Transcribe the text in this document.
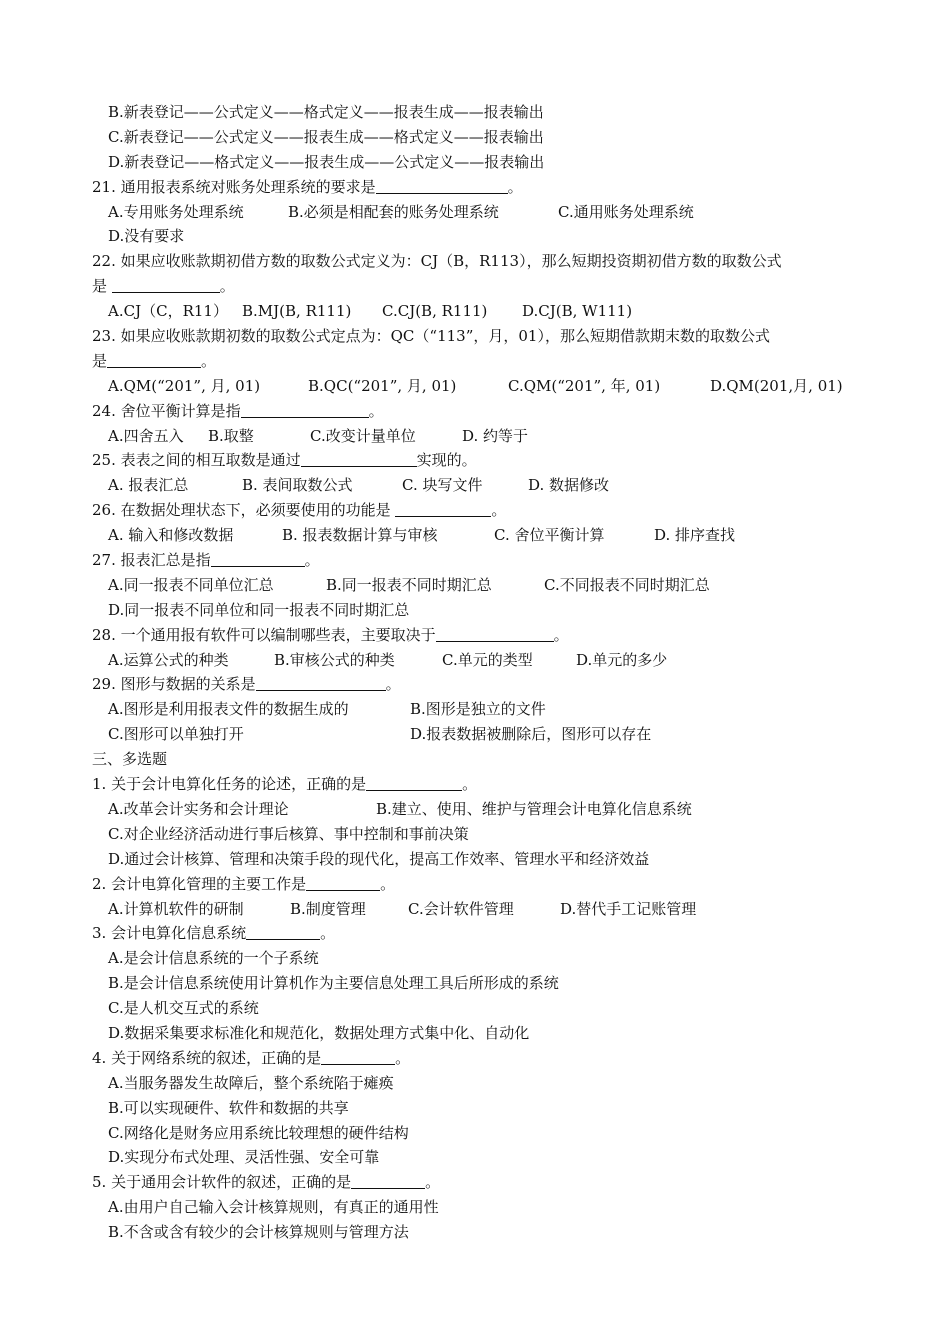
B.新表登记——公式定义——格式定义——报表生成——报表输出
C.新表登记——公式定义——报表生成——格式定义——报表输出
D.新表登记——格式定义——报表生成——公式定义——报表输出
21. 通用报表系统对账务处理系统的要求是	。
A.专用账务处理系统	B.必须是相配套的账务处理系统	C.通用账务处理系统
D.没有要求
22. 如果应收账款期初借方数的取数公式定义为：CJ（B，R113），那么短期投资期初借方数的取数公式
是	。
A.CJ（C，R11） B.MJ(B, R111) C.CJ(B, R111) D.CJ(B, W111)
23. 如果应收账款期初数的取数公式定点为：QC（“113”，月，01），那么短期借款期末数的取数公式
是	。
A.QM(“201”, 月, 01)	B.QC(“201”, 月, 01)	C.QM(“201”, 年, 01)	D.QM(201,月, 01)
24. 舍位平衡计算是指	。
A.四舍五入 B.取整	C.改变计量单位	D. 约等于
25. 表表之间的相互取数是通过	实现的。
A. 报表汇总	B. 表间取数公式	C. 块写文件	D. 数据修改
26. 在数据处理状态下，必须要使用的功能是	。
A. 输入和修改数据	B. 报表数据计算与审核	C. 舍位平衡计算	D. 排序查找
27. 报表汇总是指	。
A.同一报表不同单位汇总	B.同一报表不同时期汇总	C.不同报表不同时期汇总
D.同一报表不同单位和同一报表不同时期汇总
28. 一个通用报有软件可以编制哪些表，主要取决于	。
A.运算公式的种类	B.审核公式的种类	C.单元的类型	D.单元的多少
29. 图形与数据的关系是	。
A.图形是利用报表文件的数据生成的	B.图形是独立的文件
C.图形可以单独打开	D.报表数据被删除后，图形可以存在
三、多选题
1. 关于会计电算化任务的论述，正确的是	。
A.改革会计实务和会计理论	B.建立、使用、维护与管理会计电算化信息系统
C.对企业经济活动进行事后核算、事中控制和事前决策
D.通过会计核算、管理和决策手段的现代化，提高工作效率、管理水平和经济效益
2. 会计电算化管理的主要工作是	。
A.计算机软件的研制	B.制度管理	C.会计软件管理	D.替代手工记账管理
3. 会计电算化信息系统	。
A.是会计信息系统的一个子系统
B.是会计信息系统使用计算机作为主要信息处理工具后所形成的系统
C.是人机交互式的系统
D.数据采集要求标准化和规范化，数据处理方式集中化、自动化
4. 关于网络系统的叙述，正确的是	。
A.当服务器发生故障后，整个系统陷于瘫痪
B.可以实现硬件、软件和数据的共享
C.网络化是财务应用系统比较理想的硬件结构
D.实现分布式处理、灵活性强、安全可靠
5. 关于通用会计软件的叙述，正确的是	。
A.由用户自己输入会计核算规则，有真正的通用性
B.不含或含有较少的会计核算规则与管理方法
